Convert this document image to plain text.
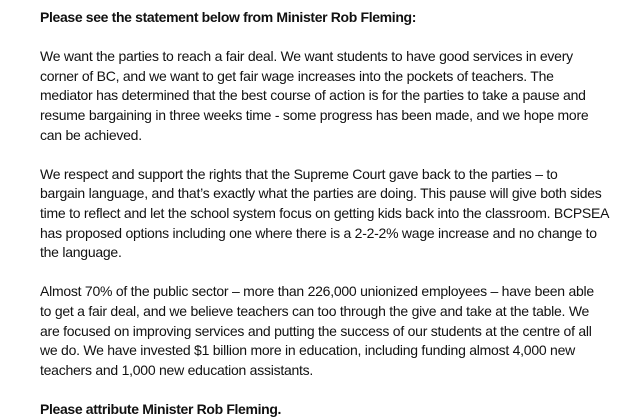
Please see the statement below from Minister Rob Fleming:
We want the parties to reach a fair deal. We want students to have good services in every
corner of BC, and we want to get fair wage increases into the pockets of teachers. The
mediator has determined that the best course of action is for the parties to take a pause and
resume bargaining in three weeks time - some progress has been made, and we hope more
can be achieved.
We respect and support the rights that the Supreme Court gave back to the parties – to
bargain language, and that’s exactly what the parties are doing. This pause will give both sides
time to reflect and let the school system focus on getting kids back into the classroom. BCPSEA
has proposed options including one where there is a 2-2-2% wage increase and no change to
the language.
Almost 70% of the public sector – more than 226,000 unionized employees – have been able
to get a fair deal, and we believe teachers can too through the give and take at the table. We
are focused on improving services and putting the success of our students at the centre of all
we do. We have invested $1 billion more in education, including funding almost 4,000 new
teachers and 1,000 new education assistants.
Please attribute Minister Rob Fleming.
